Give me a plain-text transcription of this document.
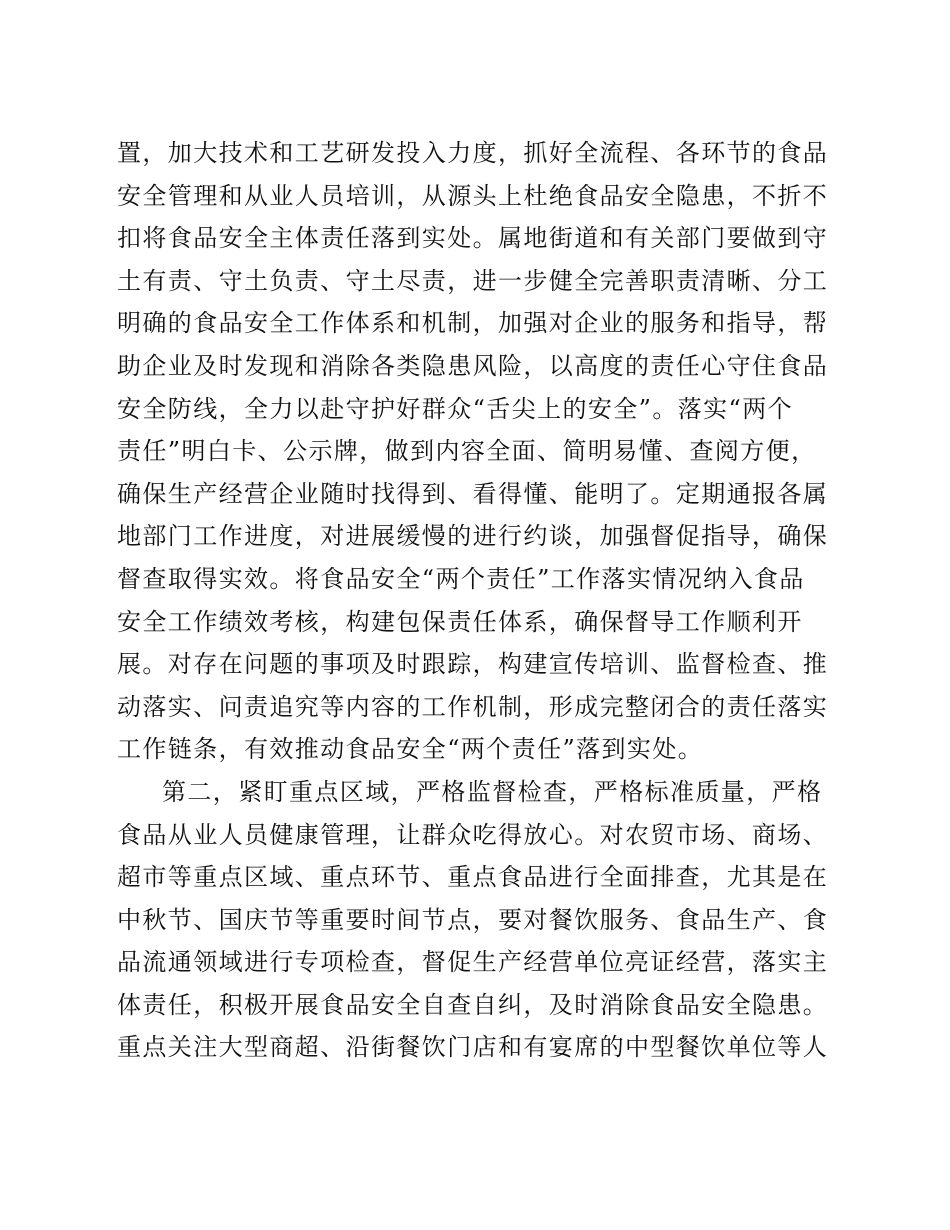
置，加大技术和工艺研发投入力度，抓好全流程、各环节的食品
安全管理和从业人员培训，从源头上杜绝食品安全隐患，不折不
扣将食品安全主体责任落到实处。属地街道和有关部门要做到守
土有责、守土负责、守土尽责，进一步健全完善职责清晰、分工
明确的食品安全工作体系和机制，加强对企业的服务和指导，帮
助企业及时发现和消除各类隐患风险，以高度的责任心守住食品
安全防线，全力以赴守护好群众“舌尖上的安全”。落实“两个
责任”明白卡、公示牌，做到内容全面、简明易懂、查阅方便，
确保生产经营企业随时找得到、看得懂、能明了。定期通报各属
地部门工作进度，对进展缓慢的进行约谈，加强督促指导，确保
督查取得实效。将食品安全“两个责任”工作落实情况纳入食品
安全工作绩效考核，构建包保责任体系，确保督导工作顺利开
展。对存在问题的事项及时跟踪，构建宣传培训、监督检查、推
动落实、问责追究等内容的工作机制，形成完整闭合的责任落实
工作链条，有效推动食品安全“两个责任”落到实处。
第二，紧盯重点区域，严格监督检查，严格标准质量，严格
食品从业人员健康管理，让群众吃得放心。对农贸市场、商场、
超市等重点区域、重点环节、重点食品进行全面排查，尤其是在
中秋节、国庆节等重要时间节点，要对餐饮服务、食品生产、食
品流通领域进行专项检查，督促生产经营单位亮证经营，落实主
体责任，积极开展食品安全自查自纠，及时消除食品安全隐患。
重点关注大型商超、沿街餐饮门店和有宴席的中型餐饮单位等人
